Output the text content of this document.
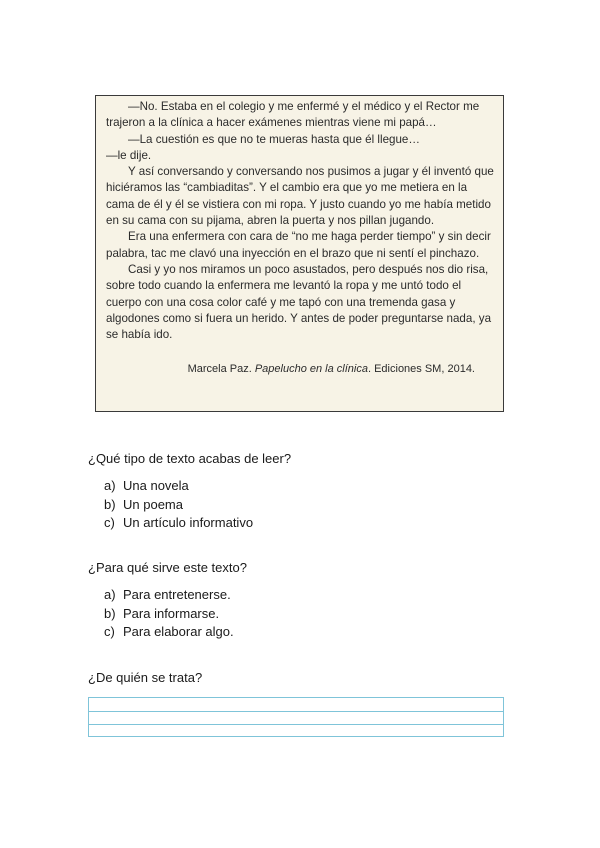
—No. Estaba en el colegio y me enfermé y el médico y el Rector me trajeron a la clínica a hacer exámenes mientras viene mi papá…

—La cuestión es que no te mueras hasta que él llegue…

—le dije.

Y así conversando y conversando nos pusimos a jugar y él inventó que hiciéramos las “cambiaditas”. Y el cambio era que yo me metiera en la cama de él y él se vistiera con mi ropa. Y justo cuando yo me había metido en su cama con su pijama, abren la puerta y nos pillan jugando.

Era una enfermera con cara de “no me haga perder tiempo” y sin decir palabra, tac me clavó una inyección en el brazo que ni sentí el pinchazo.

Casi y yo nos miramos un poco asustados, pero después nos dio risa, sobre todo cuando la enfermera me levantó la ropa y me untó todo el cuerpo con una cosa color café y me tapó con una tremenda gasa y algodones como si fuera un herido. Y antes de poder preguntarse nada, ya se había ido.

Marcela Paz. Papelucho en la clínica. Ediciones SM, 2014.

¿Qué tipo de texto acabas de leer?

a) Una novela
b) Un poema
c) Un artículo informativo

¿Para qué sirve este texto?

a) Para entretenerse.
b) Para informarse.
c) Para elaborar algo.

¿De quién se trata?
